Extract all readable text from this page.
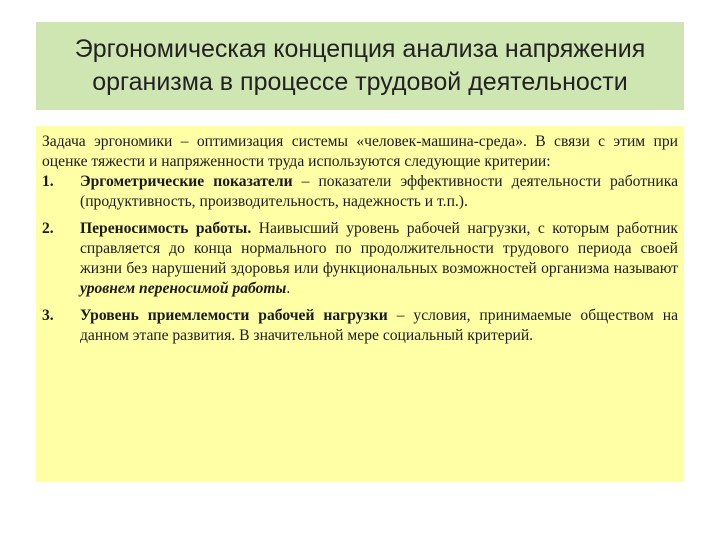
Эргономическая концепция анализа напряжения
организма в процессе трудовой деятельности

Задача эргономики – оптимизация системы «человек-машина-среда». В связи с этим при оценке тяжести и напряженности труда используются следующие критерии:

1. Эргометрические показатели – показатели эффективности деятельности работника (продуктивность, производительность, надежность и т.п.).
2. Переносимость работы. Наивысший уровень рабочей нагрузки, с которым работник справляется до конца нормального по продолжительности трудового периода своей жизни без нарушений здоровья или функциональных возможностей организма называют уровнем переносимой работы.
3. Уровень приемлемости рабочей нагрузки – условия, принимаемые обществом на данном этапе развития. В значительной мере социальный критерий.
